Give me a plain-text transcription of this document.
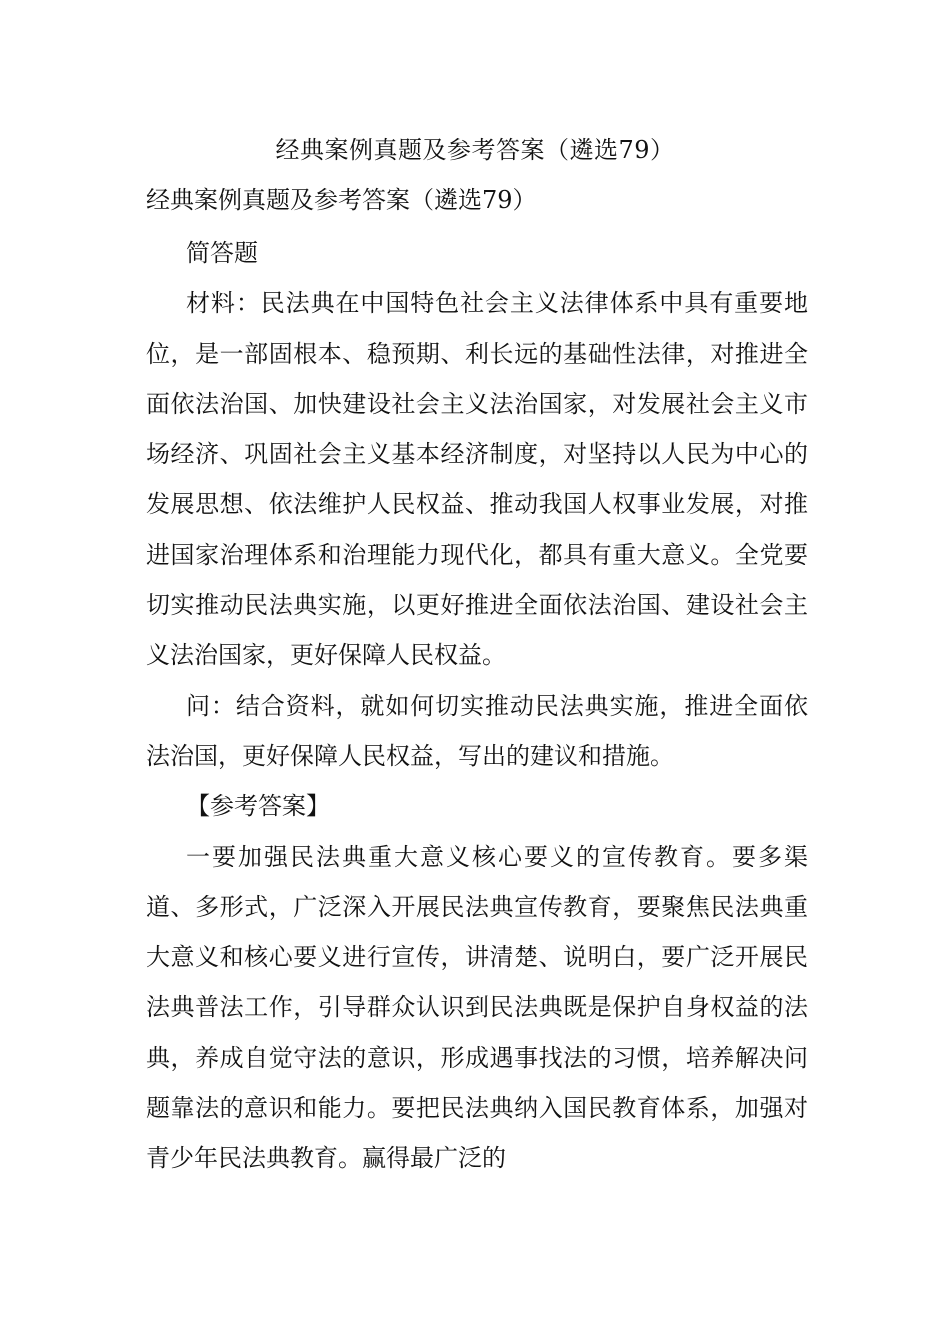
经典案例真题及参考答案（遴选79）
经典案例真题及参考答案（遴选79）

简答题

材料：民法典在中国特色社会主义法律体系中具有重要地位，是一部固根本、稳预期、利长远的基础性法律，对推进全面依法治国、加快建设社会主义法治国家，对发展社会主义市场经济、巩固社会主义基本经济制度，对坚持以人民为中心的发展思想、依法维护人民权益、推动我国人权事业发展，对推进国家治理体系和治理能力现代化，都具有重大意义。全党要切实推动民法典实施，以更好推进全面依法治国、建设社会主义法治国家，更好保障人民权益。

问：结合资料，就如何切实推动民法典实施，推进全面依法治国，更好保障人民权益，写出的建议和措施。

【参考答案】

一要加强民法典重大意义核心要义的宣传教育。要多渠道、多形式，广泛深入开展民法典宣传教育，要聚焦民法典重大意义和核心要义进行宣传，讲清楚、说明白，要广泛开展民法典普法工作，引导群众认识到民法典既是保护自身权益的法典，养成自觉守法的意识，形成遇事找法的习惯，培养解决问题靠法的意识和能力。要把民法典纳入国民教育体系，加强对青少年民法典教育。赢得最广泛的
